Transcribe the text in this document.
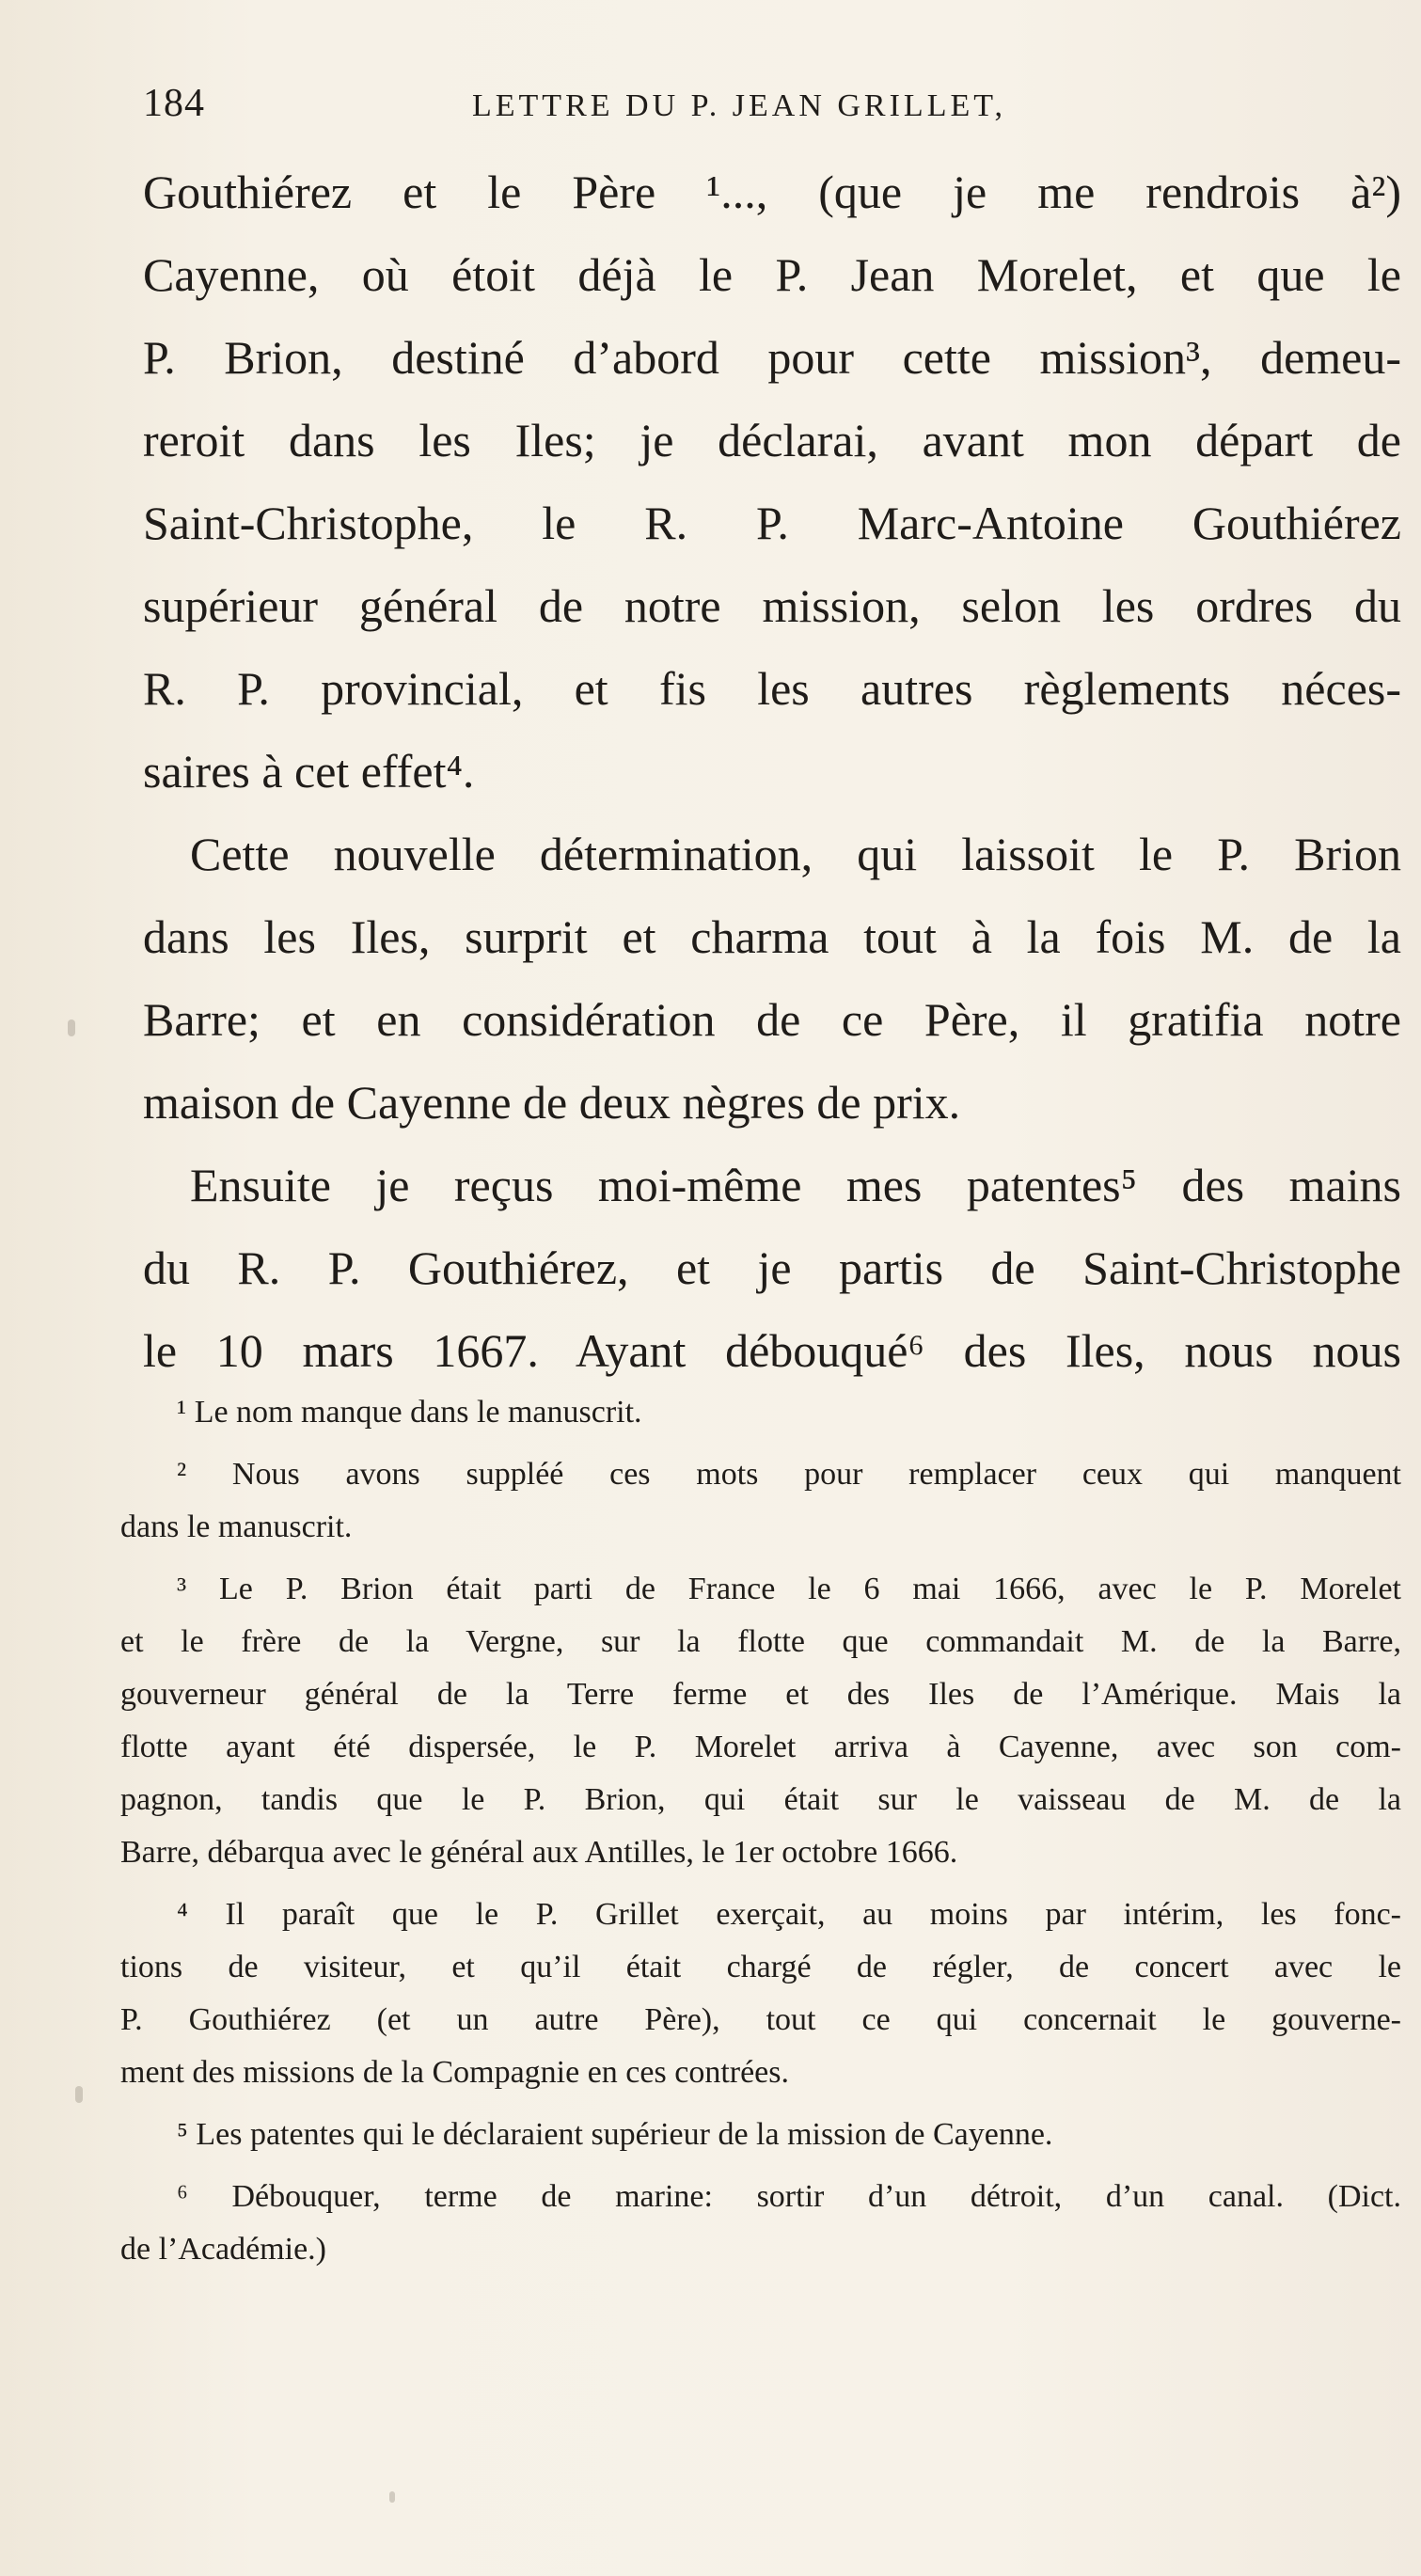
184	LETTRE DU P. JEAN GRILLET,
Gouthiérez et le Père ¹..., (que je me rendrois à²)
Cayenne, où étoit déjà le P. Jean Morelet, et que le
P. Brion, destiné d’abord pour cette mission³, demeu-
reroit dans les Iles; je déclarai, avant mon départ de
Saint-Christophe, le R. P. Marc-Antoine Gouthiérez
supérieur général de notre mission, selon les ordres du
R. P. provincial, et fis les autres règlements néces-
saires à cet effet⁴.
Cette nouvelle détermination, qui laissoit le P. Brion
dans les Iles, surprit et charma tout à la fois M. de la
Barre; et en considération de ce Père, il gratifia notre
maison de Cayenne de deux nègres de prix.
Ensuite je reçus moi-même mes patentes⁵ des mains
du R. P. Gouthiérez, et je partis de Saint-Christophe
le 10 mars 1667. Ayant débouqué⁶ des Iles, nous nous
¹ Le nom manque dans le manuscrit.
² Nous avons suppléé ces mots pour remplacer ceux qui manquent
dans le manuscrit.
³ Le P. Brion était parti de France le 6 mai 1666, avec le P. Morelet
et le frère de la Vergne, sur la flotte que commandait M. de la Barre,
gouverneur général de la Terre ferme et des Iles de l’Amérique. Mais la
flotte ayant été dispersée, le P. Morelet arriva à Cayenne, avec son com-
pagnon, tandis que le P. Brion, qui était sur le vaisseau de M. de la
Barre, débarqua avec le général aux Antilles, le 1er octobre 1666.
⁴ Il paraît que le P. Grillet exerçait, au moins par intérim, les fonc-
tions de visiteur, et qu’il était chargé de régler, de concert avec le
P. Gouthiérez (et un autre Père), tout ce qui concernait le gouverne-
ment des missions de la Compagnie en ces contrées.
⁵ Les patentes qui le déclaraient supérieur de la mission de Cayenne.
⁶ Débouquer, terme de marine: sortir d’un détroit, d’un canal. (Dict.
de l’Académie.)
